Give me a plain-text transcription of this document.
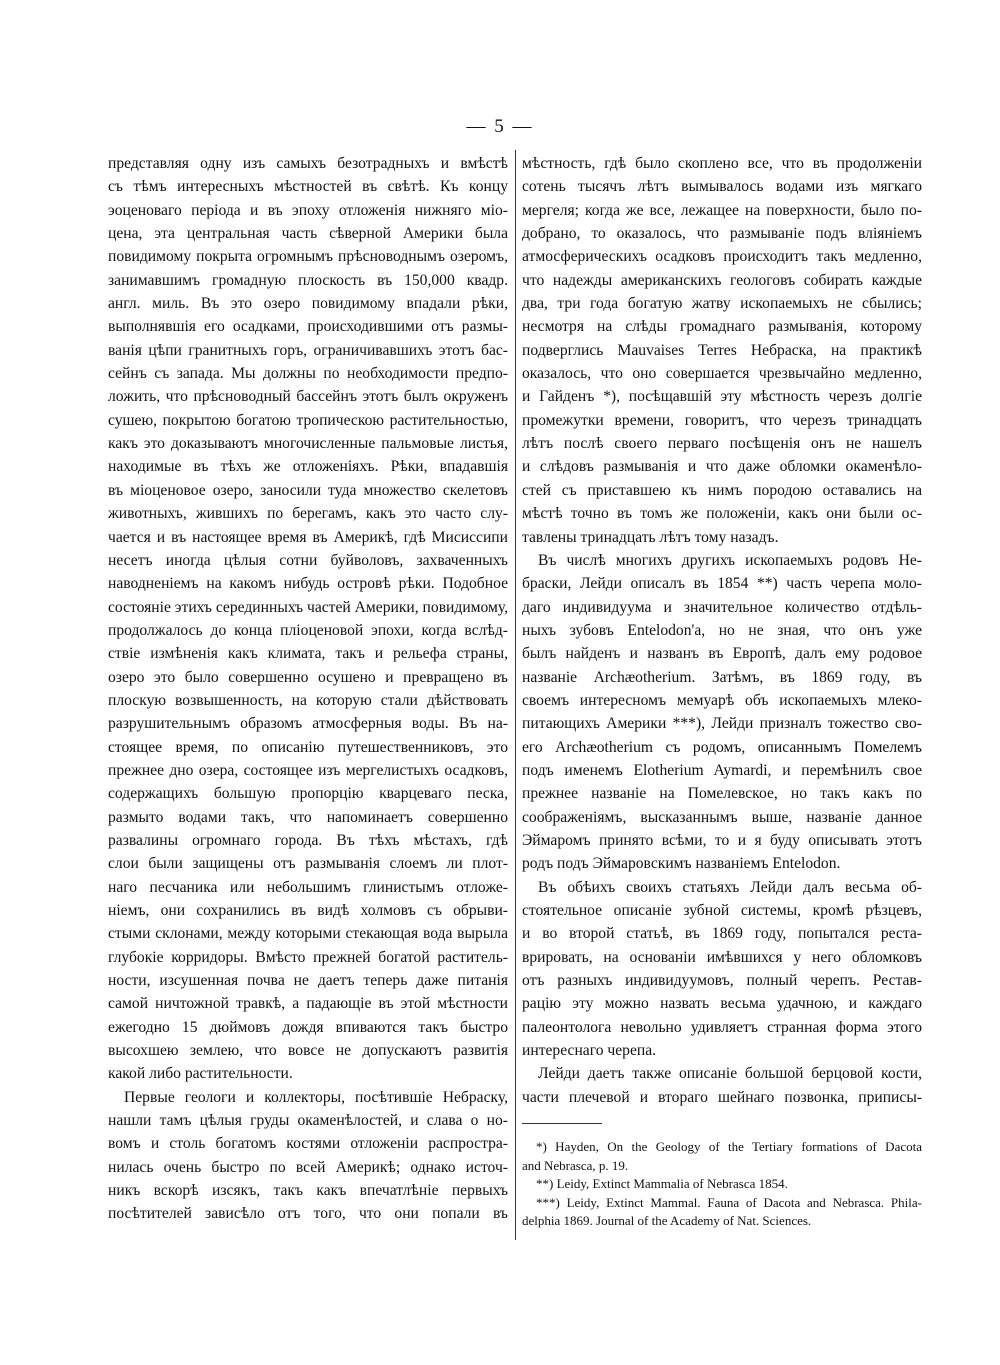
— 5 —
представляя одну изъ самыхъ безотрадныхъ и вмѣстѣ
съ тѣмъ интересныхъ мѣстностей въ свѣтѣ. Къ концу
эоценоваго періода и въ эпоху отложенія нижняго міо-
цена, эта центральная часть сѣверной Америки была
повидимому покрыта огромнымъ прѣсноводнымъ озеромъ,
занимавшимъ громадную плоскость въ 150,000 квадр.
англ. миль. Въ это озеро повидимому впадали рѣки,
выполнявшія его осадками, происходившими отъ размы-
ванія цѣпи гранитныхъ горъ, ограничивавшихъ этотъ бас-
сейнъ съ запада. Мы должны по необходимости предпо-
ложить, что прѣсноводный бассейнъ этотъ былъ окруженъ
сушею, покрытою богатою тропическою растительностью,
какъ это доказываютъ многочисленные пальмовые листья,
находимые въ тѣхъ же отложеніяхъ. Рѣки, впадавшія
въ міоценовое озеро, заносили туда множество скелетовъ
животныхъ, жившихъ по берегамъ, какъ это часто слу-
чается и въ настоящее время въ Америкѣ, гдѣ Мисиссипи
несетъ иногда цѣлыя сотни буйволовъ, захваченныхъ
наводненіемъ на какомъ нибудь островѣ рѣки. Подобное
состояніе этихъ серединныхъ частей Америки, повидимому,
продолжалось до конца пліоценовой эпохи, когда вслѣд-
ствіе измѣненія какъ климата, такъ и рельефа страны,
озеро это было совершенно осушено и превращено въ
плоскую возвышенность, на которую стали дѣйствовать
разрушительнымъ образомъ атмосферныя воды. Въ на-
стоящее время, по описанію путешественниковъ, это
прежнее дно озера, состоящее изъ мергелистыхъ осадковъ,
содержащихъ большую пропорцію кварцеваго песка,
размыто водами такъ, что напоминаетъ совершенно
развалины огромнаго города. Въ тѣхъ мѣстахъ, гдѣ
слои были защищены отъ размыванія слоемъ ли плот-
наго песчаника или небольшимъ глинистымъ отложе-
ніемъ, они сохранились въ видѣ холмовъ съ обрыви-
стыми склонами, между которыми стекающая вода вырыла
глубокіе корридоры. Вмѣсто прежней богатой раститель-
ности, изсушенная почва не даетъ теперь даже питанія
самой ничтожной травкѣ, а падающіе въ этой мѣстности
ежегодно 15 дюймовъ дождя впиваются такъ быстро
высохшею землею, что вовсе не допускаютъ развитія
какой либо растительности.
Первые геологи и коллекторы, посѣтившіе Небраску,
нашли тамъ цѣлыя груды окаменѣлостей, и слава о но-
вомъ и столь богатомъ костями отложеніи распростра-
нилась очень быстро по всей Америкѣ; однако источ-
никъ вскорѣ изсякъ, такъ какъ впечатлѣніе первыхъ
посѣтителей зависѣло отъ того, что они попали въ
мѣстность, гдѣ было скоплено все, что въ продолженіи
сотень тысячъ лѣтъ вымывалось водами изъ мягкаго
мергеля; когда же все, лежащее на поверхности, было по-
добрано, то оказалось, что размываніе подъ вліяніемъ
атмосферическихъ осадковъ происходитъ такъ медленно,
что надежды американскихъ геологовъ собирать каждые
два, три года богатую жатву ископаемыхъ не сбылись;
несмотря на слѣды громаднаго размыванія, которому
подверглись Mauvaises Terres Небраска, на практикѣ
оказалось, что оно совершается чрезвычайно медленно,
и Гайденъ *), посѣщавшій эту мѣстность черезъ долгіе
промежутки времени, говоритъ, что черезъ тринадцать
лѣтъ послѣ своего перваго посѣщенія онъ не нашелъ
и слѣдовъ размыванія и что даже обломки окаменѣло-
стей съ приставшею къ нимъ породою оставались на
мѣстѣ точно въ томъ же положеніи, какъ они были ос-
тавлены тринадцать лѣтъ тому назадъ.
Въ числѣ многихъ другихъ ископаемыхъ родовъ Не-
браски, Лейди описалъ въ 1854 **) часть черепа моло-
даго индивидуума и значительное количество отдѣль-
ныхъ зубовъ Entelodon'a, но не зная, что онъ уже
былъ найденъ и названъ въ Европѣ, далъ ему родовое
названіе Archæotherium. Затѣмъ, въ 1869 году, въ
своемъ интересномъ мемуарѣ объ ископаемыхъ млеко-
питающихъ Америки ***), Лейди призналъ тожество сво-
его Archæotherium съ родомъ, описаннымъ Помелемъ
подъ именемъ Elotherium Aymardi, и перемѣнилъ свое
прежнее названіе на Помелевское, но такъ какъ по
соображеніямъ, высказаннымъ выше, названіе данное
Эймаромъ принято всѣми, то и я буду описывать этотъ
родъ подъ Эймаровскимъ названіемъ Entelodon.
Въ обѣихъ своихъ статьяхъ Лейди далъ весьма об-
стоятельное описаніе зубной системы, кромѣ рѣзцевъ,
и во второй статьѣ, въ 1869 году, попытался реста-
врировать, на основаніи имѣвшихся у него обломковъ
отъ разныхъ индивидуумовъ, полный черепъ. Рестав-
рацію эту можно назвать весьма удачною, и каждаго
палеонтолога невольно удивляетъ странная форма этого
интереснаго черепа.
Лейди даетъ также описаніе большой берцовой кости,
части плечевой и втораго шейнаго позвонка, приписы-
*) Hayden, On the Geology of the Tertiary formations of Dacota
and Nebrasca, p. 19.
**) Leidy, Extinct Mammalia of Nebrasca 1854.
***) Leidy, Extinct Mammal. Fauna of Dacota and Nebrasca. Phila-
delphia 1869. Journal of the Academy of Nat. Sciences.
